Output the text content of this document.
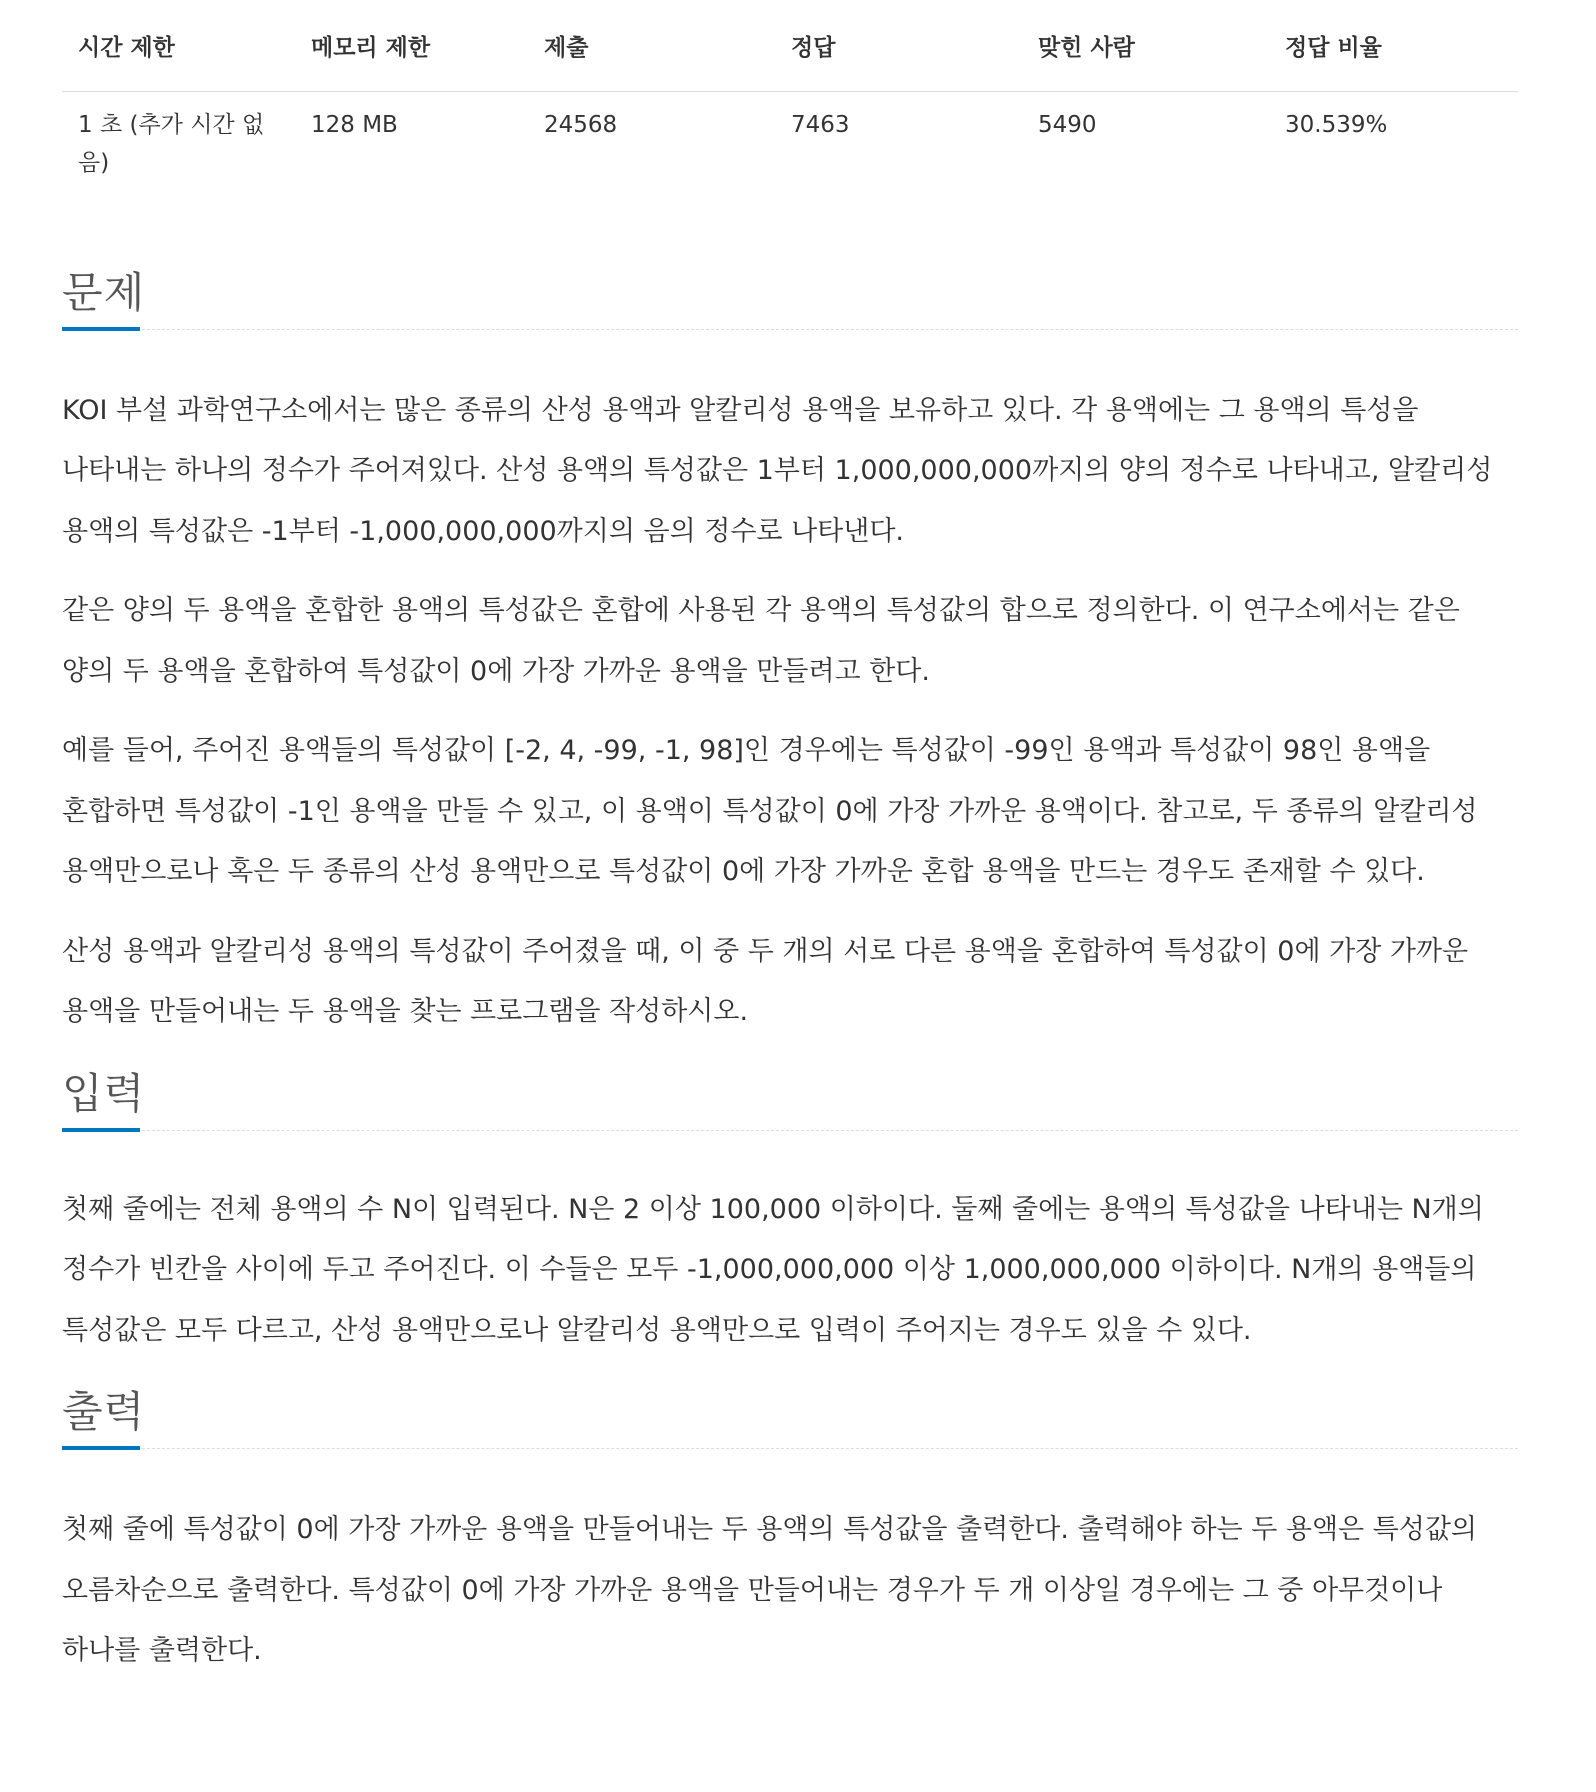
시간 제한	메모리 제한	제출	정답	맞힌 사람	정답 비율
1 초 (추가 시간 없음)	128 MB	24568	7463	5490	30.539%
문제

KOI 부설 과학연구소에서는 많은 종류의 산성 용액과 알칼리성 용액을 보유하고 있다. 각 용액에는 그 용액의 특성을 나타내는 하나의 정수가 주어져있다. 산성 용액의 특성값은 1부터 1,000,000,000까지의 양의 정수로 나타내고, 알칼리성 용액의 특성값은 -1부터 -1,000,000,000까지의 음의 정수로 나타낸다.

같은 양의 두 용액을 혼합한 용액의 특성값은 혼합에 사용된 각 용액의 특성값의 합으로 정의한다. 이 연구소에서는 같은 양의 두 용액을 혼합하여 특성값이 0에 가장 가까운 용액을 만들려고 한다.

예를 들어, 주어진 용액들의 특성값이 [-2, 4, -99, -1, 98]인 경우에는 특성값이 -99인 용액과 특성값이 98인 용액을 혼합하면 특성값이 -1인 용액을 만들 수 있고, 이 용액이 특성값이 0에 가장 가까운 용액이다. 참고로, 두 종류의 알칼리성 용액만으로나 혹은 두 종류의 산성 용액만으로 특성값이 0에 가장 가까운 혼합 용액을 만드는 경우도 존재할 수 있다.

산성 용액과 알칼리성 용액의 특성값이 주어졌을 때, 이 중 두 개의 서로 다른 용액을 혼합하여 특성값이 0에 가장 가까운 용액을 만들어내는 두 용액을 찾는 프로그램을 작성하시오.

입력

첫째 줄에는 전체 용액의 수 N이 입력된다. N은 2 이상 100,000 이하이다. 둘째 줄에는 용액의 특성값을 나타내는 N개의 정수가 빈칸을 사이에 두고 주어진다. 이 수들은 모두 -1,000,000,000 이상 1,000,000,000 이하이다. N개의 용액들의 특성값은 모두 다르고, 산성 용액만으로나 알칼리성 용액만으로 입력이 주어지는 경우도 있을 수 있다.

출력

첫째 줄에 특성값이 0에 가장 가까운 용액을 만들어내는 두 용액의 특성값을 출력한다. 출력해야 하는 두 용액은 특성값의 오름차순으로 출력한다. 특성값이 0에 가장 가까운 용액을 만들어내는 경우가 두 개 이상일 경우에는 그 중 아무것이나 하나를 출력한다.
